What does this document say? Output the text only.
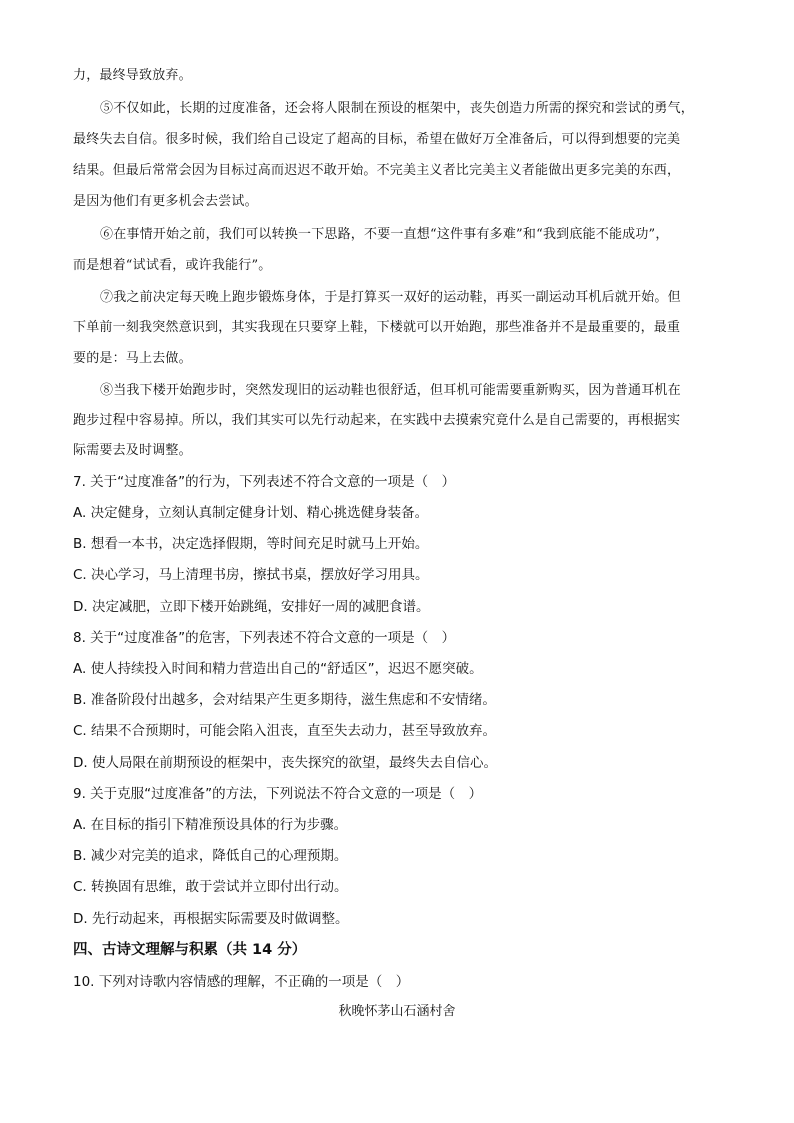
力，最终导致放弃。
⑤不仅如此，长期的过度准备，还会将人限制在预设的框架中，丧失创造力所需的探究和尝试的勇气，
最终失去自信。很多时候，我们给自己设定了超高的目标，希望在做好万全准备后，可以得到想要的完美
结果。但最后常常会因为目标过高而迟迟不敢开始。不完美主义者比完美主义者能做出更多完美的东西，
是因为他们有更多机会去尝试。
⑥在事情开始之前，我们可以转换一下思路，不要一直想“这件事有多难”和“我到底能不能成功”，
而是想着“试试看，或许我能行”。
⑦我之前决定每天晚上跑步锻炼身体，于是打算买一双好的运动鞋，再买一副运动耳机后就开始。但
下单前一刻我突然意识到，其实我现在只要穿上鞋，下楼就可以开始跑，那些准备并不是最重要的，最重
要的是：马上去做。
⑧当我下楼开始跑步时，突然发现旧的运动鞋也很舒适，但耳机可能需要重新购买，因为普通耳机在
跑步过程中容易掉。所以，我们其实可以先行动起来，在实践中去摸索究竟什么是自己需要的，再根据实
际需要去及时调整。
7. 关于“过度准备”的行为，下列表述不符合文意的一项是（　）
A. 决定健身，立刻认真制定健身计划、精心挑选健身装备。
B. 想看一本书，决定选择假期，等时间充足时就马上开始。
C. 决心学习，马上清理书房，擦拭书桌，摆放好学习用具。
D. 决定减肥，立即下楼开始跳绳，安排好一周的减肥食谱。
8. 关于“过度准备”的危害，下列表述不符合文意的一项是（　）
A. 使人持续投入时间和精力营造出自己的“舒适区”，迟迟不愿突破。
B. 准备阶段付出越多，会对结果产生更多期待，滋生焦虑和不安情绪。
C. 结果不合预期时，可能会陷入沮丧，直至失去动力，甚至导致放弃。
D. 使人局限在前期预设的框架中，丧失探究的欲望，最终失去自信心。
9. 关于克服“过度准备”的方法，下列说法不符合文意的一项是（　）
A. 在目标的指引下精准预设具体的行为步骤。
B. 减少对完美的追求，降低自己的心理预期。
C. 转换固有思维，敢于尝试并立即付出行动。
D. 先行动起来，再根据实际需要及时做调整。
四、古诗文理解与积累（共 14 分）
10. 下列对诗歌内容情感的理解，不正确的一项是（　）
秋晚怀茅山石涵村舍
